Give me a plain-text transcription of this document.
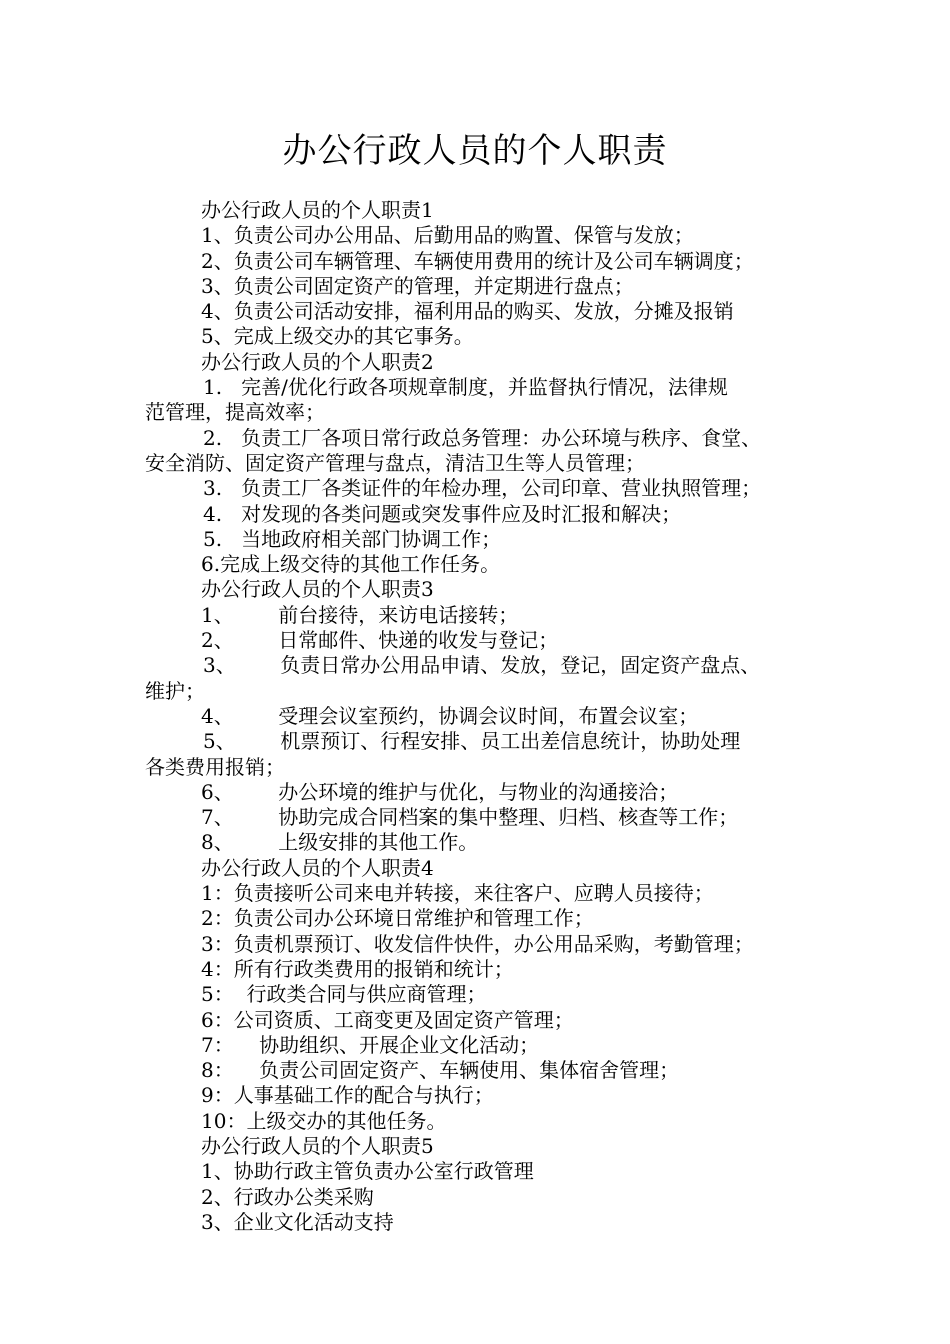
办公行政人员的个人职责
办公行政人员的个人职责1
1、负责公司办公用品、后勤用品的购置、保管与发放；
2、负责公司车辆管理、车辆使用费用的统计及公司车辆调度；
3、负责公司固定资产的管理，并定期进行盘点；
4、负责公司活动安排，福利用品的购买、发放，分摊及报销
5、完成上级交办的其它事务。
办公行政人员的个人职责2
1.   完善/优化行政各项规章制度，并监督执行情况，法律规
范管理，提高效率；
2.   负责工厂各项日常行政总务管理：办公环境与秩序、食堂、
安全消防、固定资产管理与盘点，清洁卫生等人员管理；
3.   负责工厂各类证件的年检办理，公司印章、营业执照管理；
4.   对发现的各类问题或突发事件应及时汇报和解决；
5.   当地政府相关部门协调工作；
6.完成上级交待的其他工作任务。
办公行政人员的个人职责3
1、       前台接待，来访电话接转；
2、       日常邮件、快递的收发与登记；
3、       负责日常办公用品申请、发放，登记，固定资产盘点、
维护；
4、       受理会议室预约，协调会议时间，布置会议室；
5、       机票预订、行程安排、员工出差信息统计，协助处理
各类费用报销；
6、       办公环境的维护与优化，与物业的沟通接洽；
7、       协助完成合同档案的集中整理、归档、核查等工作；
8、       上级安排的其他工作。
办公行政人员的个人职责4
1：负责接听公司来电并转接，来往客户、应聘人员接待；
2：负责公司办公环境日常维护和管理工作；
3：负责机票预订、收发信件快件，办公用品采购，考勤管理；
4：所有行政类费用的报销和统计；
5：  行政类合同与供应商管理；
6：公司资质、工商变更及固定资产管理；
7：    协助组织、开展企业文化活动；
8：    负责公司固定资产、车辆使用、集体宿舍管理；
9：人事基础工作的配合与执行；
10：上级交办的其他任务。
办公行政人员的个人职责5
1、协助行政主管负责办公室行政管理
2、行政办公类采购
3、企业文化活动支持
